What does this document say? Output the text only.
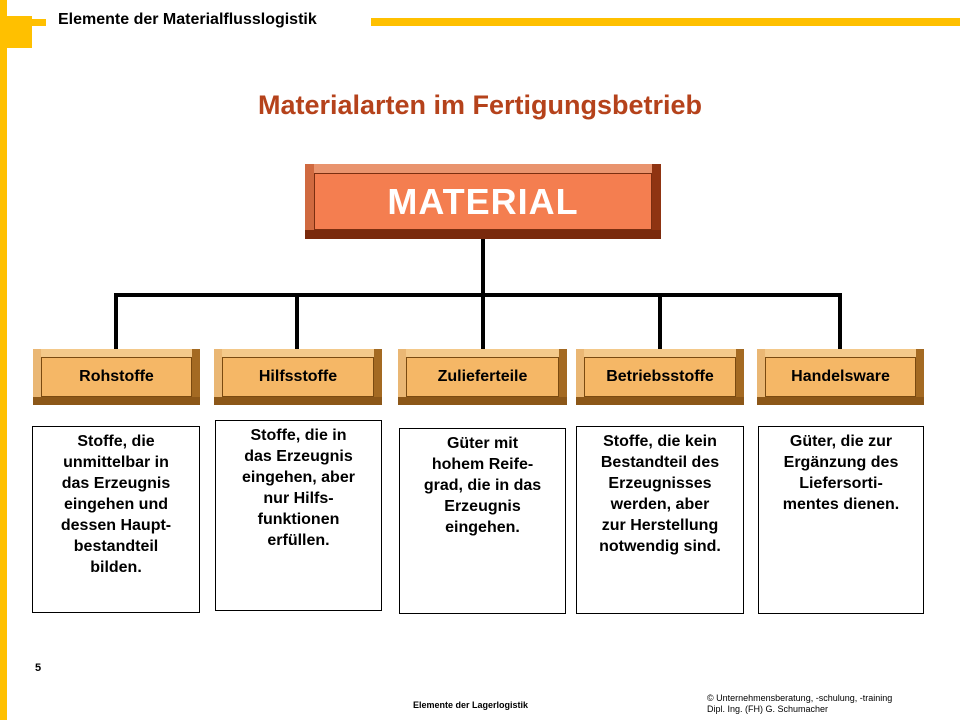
Elemente der Materialflusslogistik
Materialarten im Fertigungsbetrieb
MATERIAL
Rohstoffe	Hilfsstoffe	Zulieferteile	Betriebsstoffe	Handelsware
Stoffe, die
unmittelbar in
das Erzeugnis
eingehen und
dessen Haupt-
bestandteil
bilden.
Stoffe, die in
das Erzeugnis
eingehen, aber
nur Hilfs-
funktionen
erfüllen.
Güter mit
hohem Reife-
grad, die in das
Erzeugnis
eingehen.
Stoffe, die kein
Bestandteil des
Erzeugnisses
werden, aber
zur Herstellung
notwendig sind.
Güter, die zur
Ergänzung des
Liefersorti-
mentes dienen.
5
Elemente der Lagerlogistik
© Unternehmensberatung, -schulung, -training
Dipl. Ing. (FH) G. Schumacher
